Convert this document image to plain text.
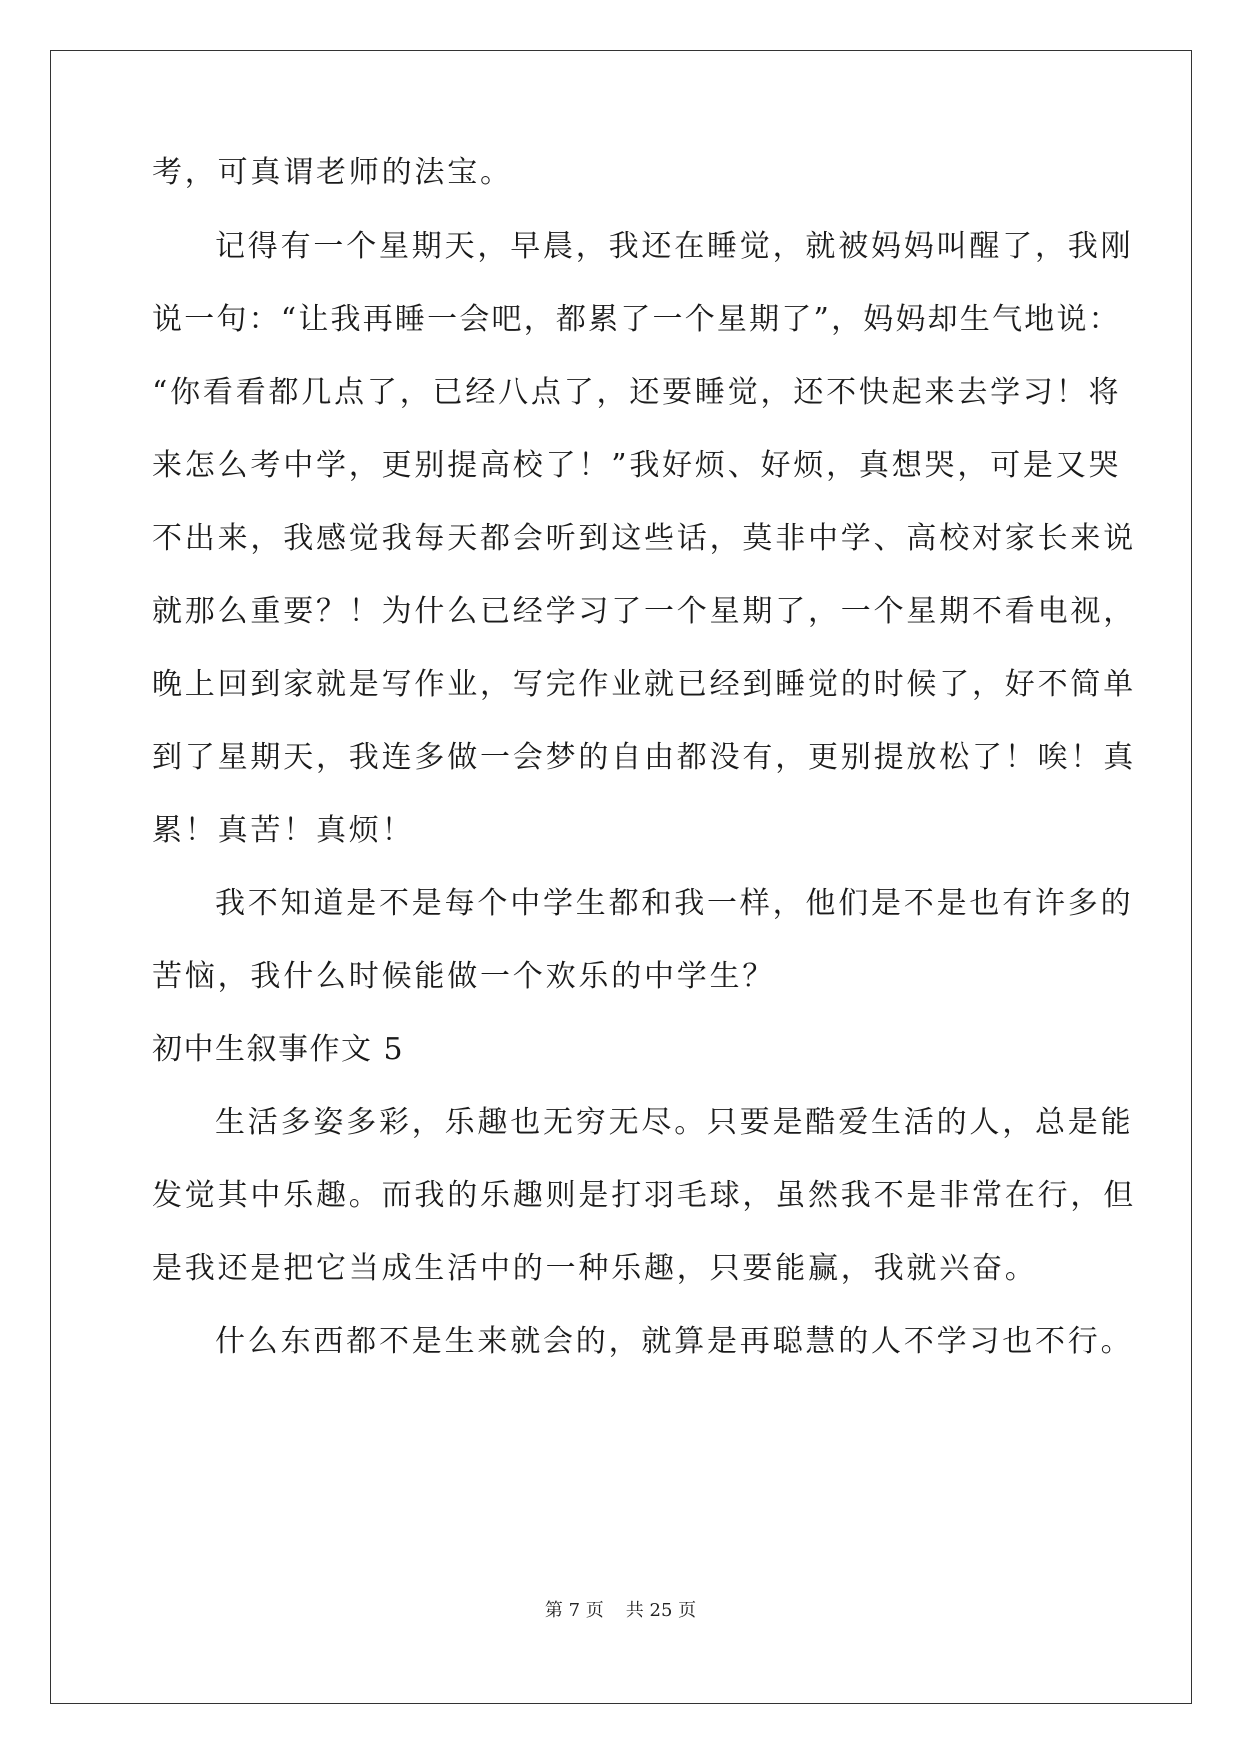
考，可真谓老师的法宝。
记得有一个星期天，早晨，我还在睡觉，就被妈妈叫醒了，我刚
说一句：“让我再睡一会吧，都累了一个星期了”，妈妈却生气地说：
“你看看都几点了，已经八点了，还要睡觉，还不快起来去学习！将
来怎么考中学，更别提高校了！”我好烦、好烦，真想哭，可是又哭
不出来，我感觉我每天都会听到这些话，莫非中学、高校对家长来说
就那么重要？！为什么已经学习了一个星期了，一个星期不看电视，
晚上回到家就是写作业，写完作业就已经到睡觉的时候了，好不简单
到了星期天，我连多做一会梦的自由都没有，更别提放松了！唉！真
累！真苦！真烦！
我不知道是不是每个中学生都和我一样，他们是不是也有许多的
苦恼，我什么时候能做一个欢乐的中学生？
初中生叙事作文 5
生活多姿多彩，乐趣也无穷无尽。只要是酷爱生活的人，总是能
发觉其中乐趣。而我的乐趣则是打羽毛球，虽然我不是非常在行，但
是我还是把它当成生活中的一种乐趣，只要能赢，我就兴奋。
什么东西都不是生来就会的，就算是再聪慧的人不学习也不行。
第 7 页 共 25 页
